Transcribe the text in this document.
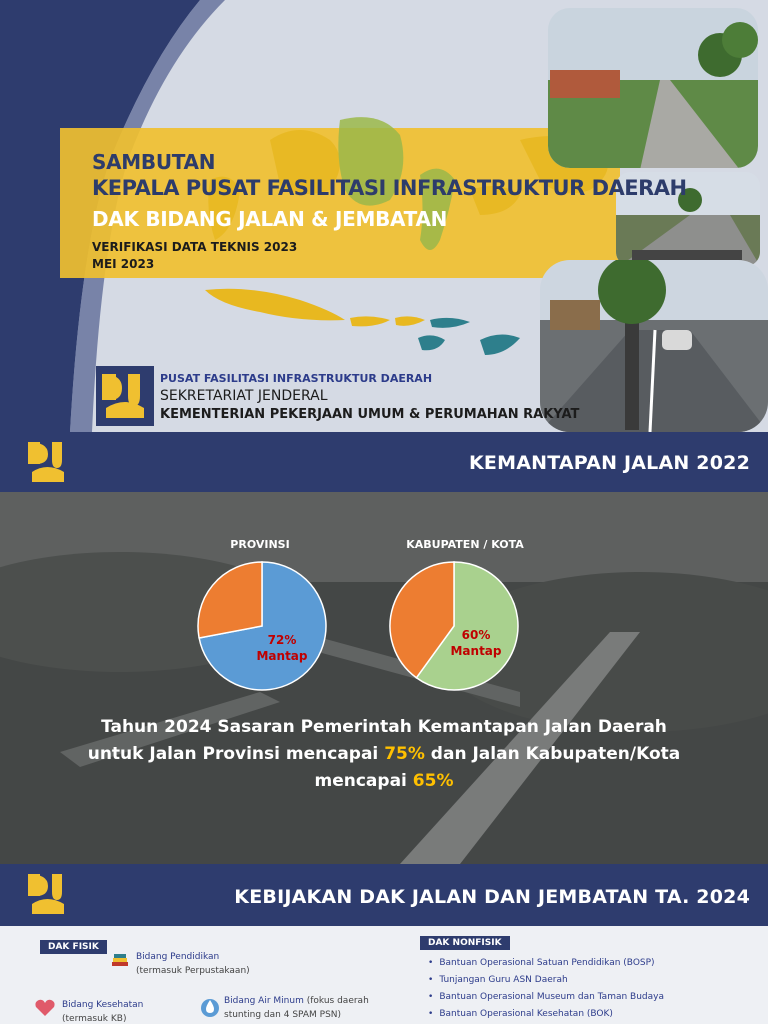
SAMBUTAN
KEPALA PUSAT FASILITASI INFRASTRUKTUR DAERAH
DAK BIDANG JALAN & JEMBATAN
VERIFIKASI DATA TEKNIS 2023
MEI 2023
PUSAT FASILITASI INFRASTRUKTUR DAERAH
SEKRETARIAT JENDERAL
KEMENTERIAN PEKERJAAN UMUM & PERUMAHAN RAKYAT
KEMANTAPAN JALAN 2022
PROVINSI	KABUPATEN / KOTA
72%
Mantap
60%
Mantap
Tahun 2024 Sasaran Pemerintah Kemantapan Jalan Daerah
untuk Jalan Provinsi mencapai 75% dan Jalan Kabupaten/Kota
mencapai 65%
KEBIJAKAN DAK JALAN DAN JEMBATAN TA. 2024
DAK FISIK
Bidang Pendidikan
(termasuk Perpustakaan)
Bidang Kesehatan
(termasuk KB)
Bidang Air Minum (fokus daerah
stunting dan 4 SPAM PSN)
DAK NONFISIK
• Bantuan Operasional Satuan Pendidikan (BOSP)
• Tunjangan Guru ASN Daerah
• Bantuan Operasional Museum dan Taman Budaya
• Bantuan Operasional Kesehatan (BOK)
